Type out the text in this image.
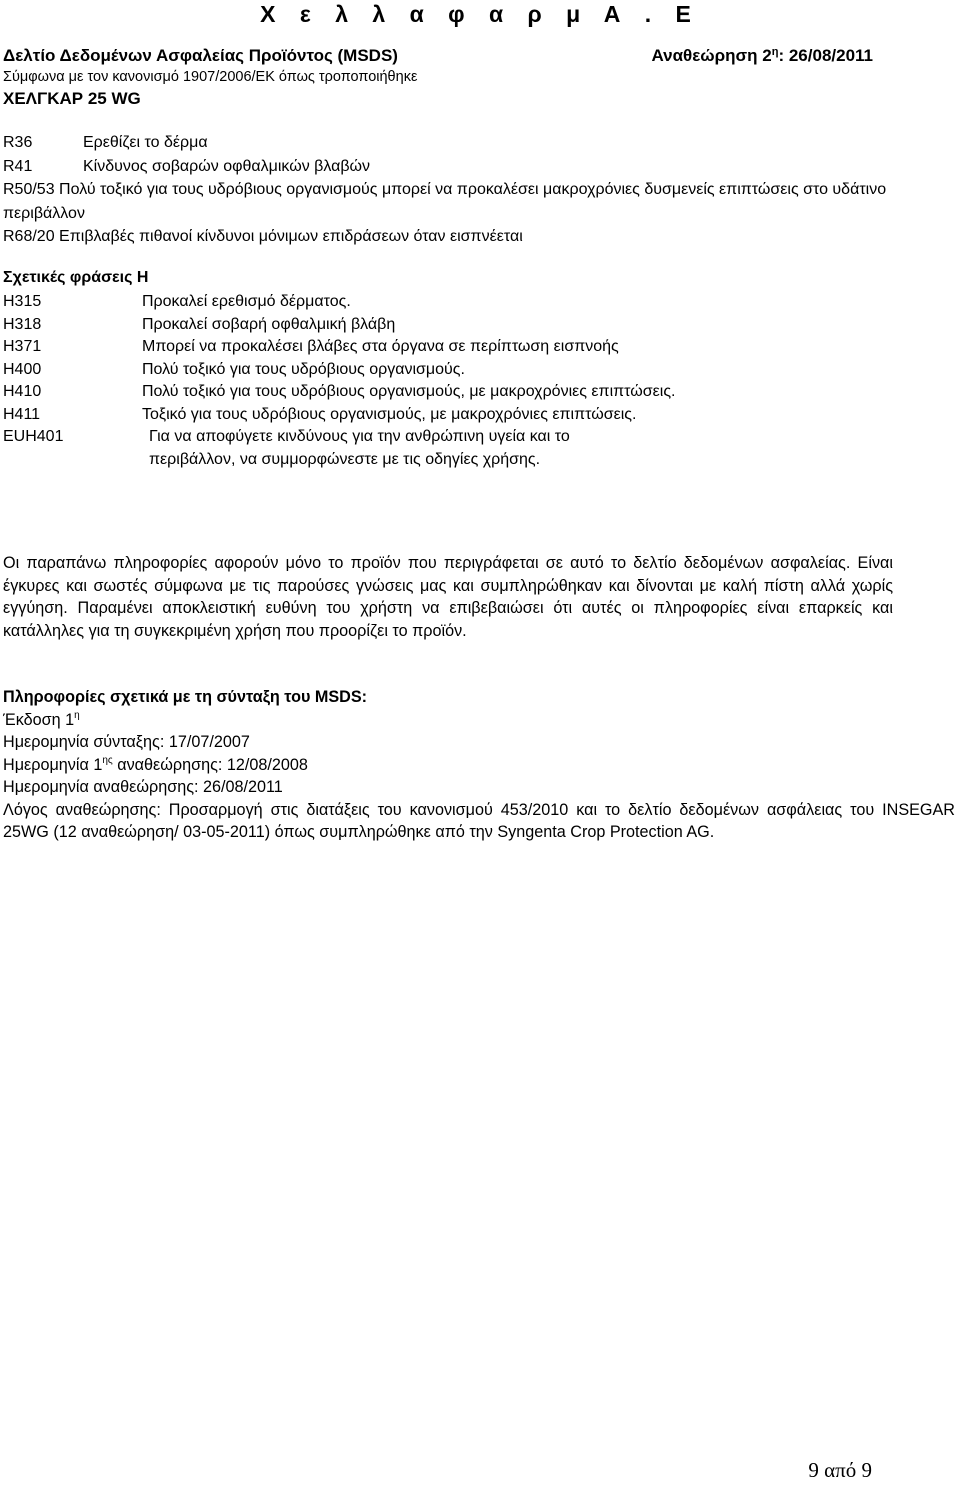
Χ ε λ λ α φ α ρ μ Α . Ε
Δελτίο Δεδομένων Ασφαλείας Προϊόντος (MSDS)	Αναθεώρηση $2^\eta$: 26/08/2011
Σύμφωνα με τον κανονισμό 1907/2006/ΕΚ όπως τροποποιήθηκε
ΧΕΛΓΚΑΡ 25 WG
R36	Ερεθίζει το δέρμα
R41	Κίνδυνος σοβαρών οφθαλμικών βλαβών
R50/53 Πολύ τοξικό για τους υδρόβιους οργανισμούς μπορεί να προκαλέσει μακροχρόνιες δυσμενείς επιπτώσεις στο υδάτινο περιβάλλον
R68/20 Επιβλαβές πιθανοί κίνδυνοι μόνιμων επιδράσεων όταν εισπνέεται
Σχετικές φράσεις H
H315	Προκαλεί ερεθισμό δέρματος.
H318	Προκαλεί σοβαρή οφθαλμική βλάβη
H371	Μπορεί να προκαλέσει βλάβες στα όργανα σε περίπτωση εισπνοής
H400	Πολύ τοξικό για τους υδρόβιους οργανισμούς.
H410	Πολύ τοξικό για τους υδρόβιους οργανισμούς, με μακροχρόνιες επιπτώσεις.
H411	Τοξικό για τους υδρόβιους οργανισμούς, με μακροχρόνιες επιπτώσεις.
EUH401	Για να αποφύγετε κινδύνους για την ανθρώπινη υγεία και το περιβάλλον, να συμμορφώνεστε με τις οδηγίες χρήσης.
Οι παραπάνω πληροφορίες αφορούν μόνο το προϊόν που περιγράφεται σε αυτό το δελτίο δεδομένων ασφαλείας. Είναι έγκυρες και σωστές σύμφωνα με τις παρούσες γνώσεις μας και συμπληρώθηκαν και δίνονται με καλή πίστη αλλά χωρίς εγγύηση. Παραμένει αποκλειστική ευθύνη του χρήστη να επιβεβαιώσει ότι αυτές οι πληροφορίες είναι επαρκείς και κατάλληλες για τη συγκεκριμένη χρήση που προορίζει το προϊόν.
Πληροφορίες σχετικά με τη σύνταξη του MSDS:
Έκδοση $1^\eta$
Ημερομηνία σύνταξης: 17/07/2007
Ημερομηνία $1^{\eta\varsigma}$ αναθεώρησης: 12/08/2008
Ημερομηνία αναθεώρησης: 26/08/2011
Λόγος αναθεώρησης: Προσαρμογή στις διατάξεις του κανονισμού 453/2010 και το δελτίο δεδομένων ασφάλειας του INSEGAR 25WG (12 αναθεώρηση/ 03-05-2011) όπως συμπληρώθηκε από την Syngenta Crop Protection AG.
9 από 9
